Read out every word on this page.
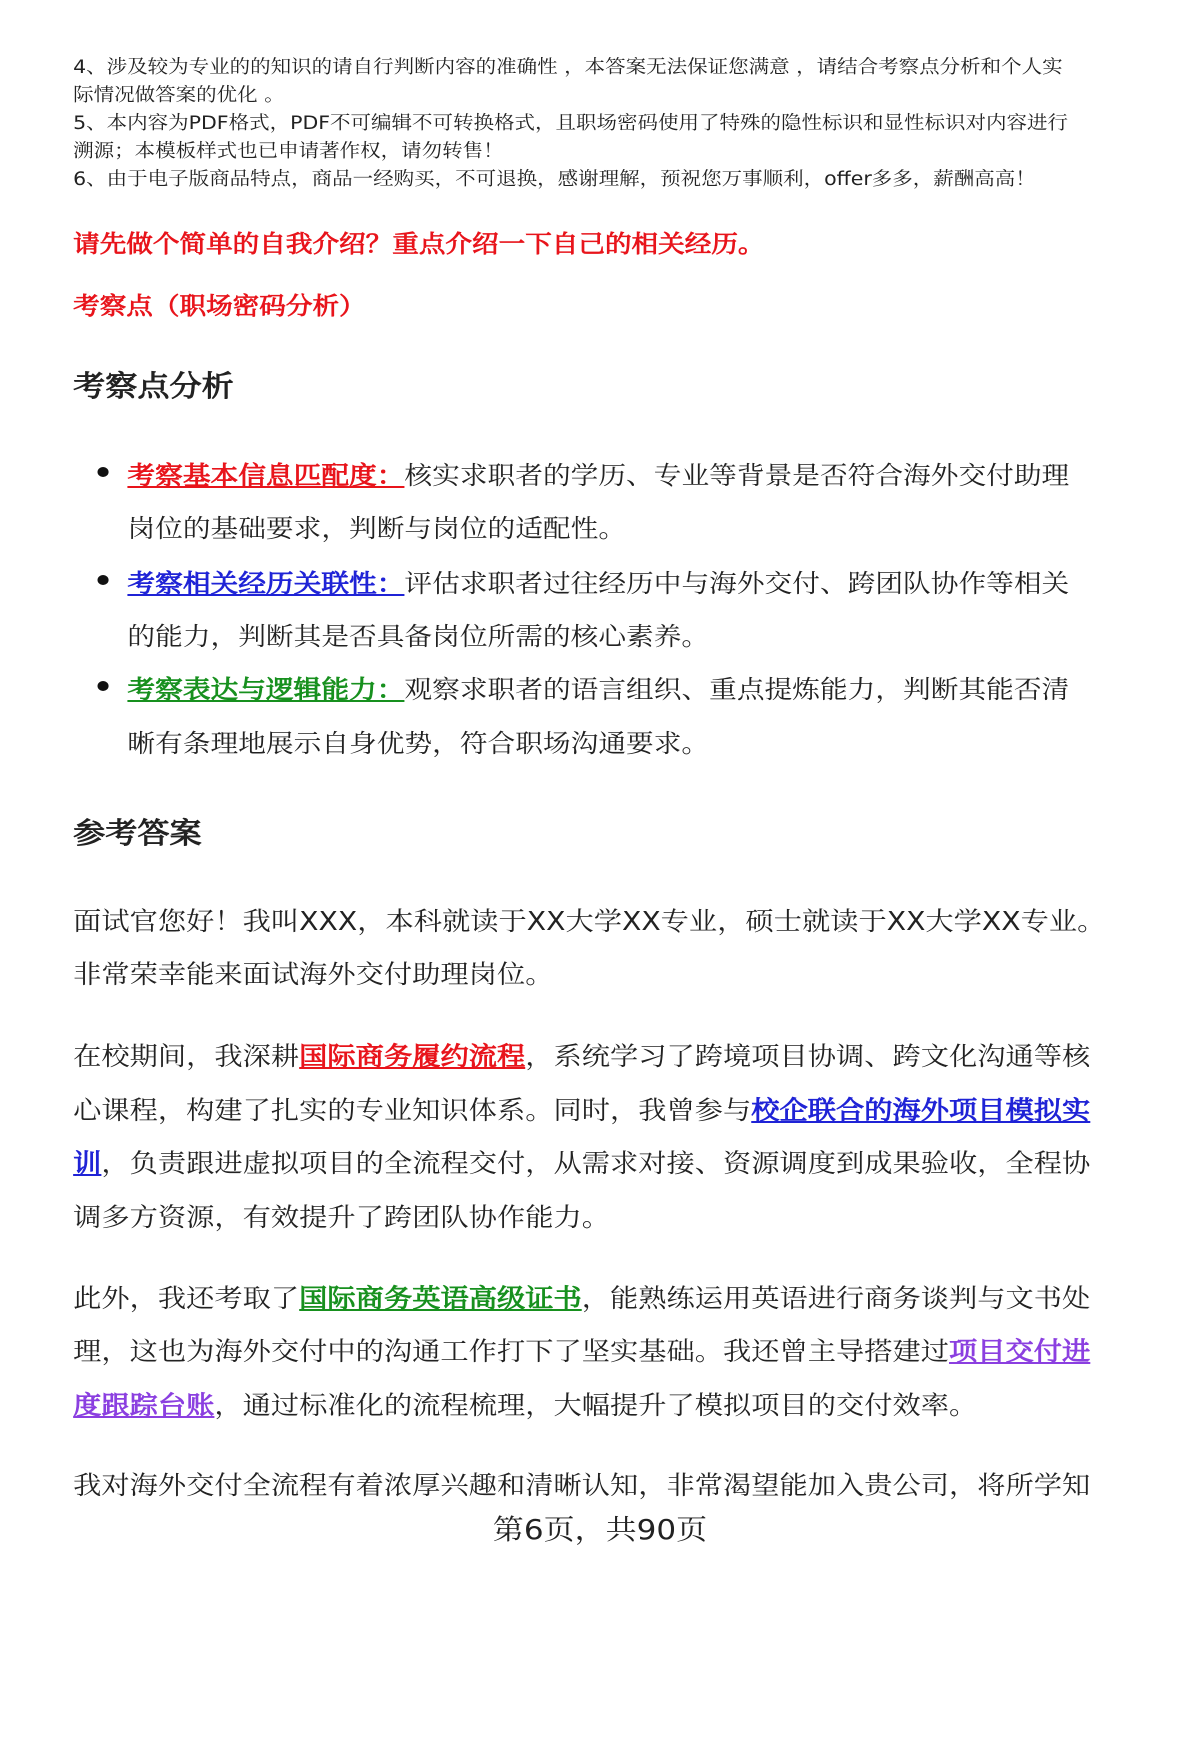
4、涉及较为专业的的知识的请自行判断内容的准确性 ，本答案无法保证您满意 ，请结合考察点分析和个人实
际情况做答案的优化 。
5、本内容为PDF格式，PDF不可编辑不可转换格式，且职场密码使用了特殊的隐性标识和显性标识对内容进行
溯源；本模板样式也已申请著作权，请勿转售！
6、由于电子版商品特点，商品一经购买，不可退换，感谢理解，预祝您万事顺利，offer多多，薪酬高高！
请先做个简单的自我介绍？重点介绍一下自己的相关经历。
考察点（职场密码分析）
考察点分析
考察基本信息匹配度：核实求职者的学历、专业等背景是否符合海外交付助理
岗位的基础要求，判断与岗位的适配性。
考察相关经历关联性：评估求职者过往经历中与海外交付、跨团队协作等相关
的能力，判断其是否具备岗位所需的核心素养。
考察表达与逻辑能力：观察求职者的语言组织、重点提炼能力，判断其能否清
晰有条理地展示自身优势，符合职场沟通要求。
参考答案
面试官您好！我叫XXX，本科就读于XX大学XX专业，硕士就读于XX大学XX专业。
非常荣幸能来面试海外交付助理岗位。
在校期间，我深耕国际商务履约流程，系统学习了跨境项目协调、跨文化沟通等核
心课程，构建了扎实的专业知识体系。同时，我曾参与校企联合的海外项目模拟实
训，负责跟进虚拟项目的全流程交付，从需求对接、资源调度到成果验收，全程协
调多方资源，有效提升了跨团队协作能力。
此外，我还考取了国际商务英语高级证书，能熟练运用英语进行商务谈判与文书处
理，这也为海外交付中的沟通工作打下了坚实基础。我还曾主导搭建过项目交付进
度跟踪台账，通过标准化的流程梳理，大幅提升了模拟项目的交付效率。
我对海外交付全流程有着浓厚兴趣和清晰认知，非常渴望能加入贵公司，将所学知
第6页，共90页
